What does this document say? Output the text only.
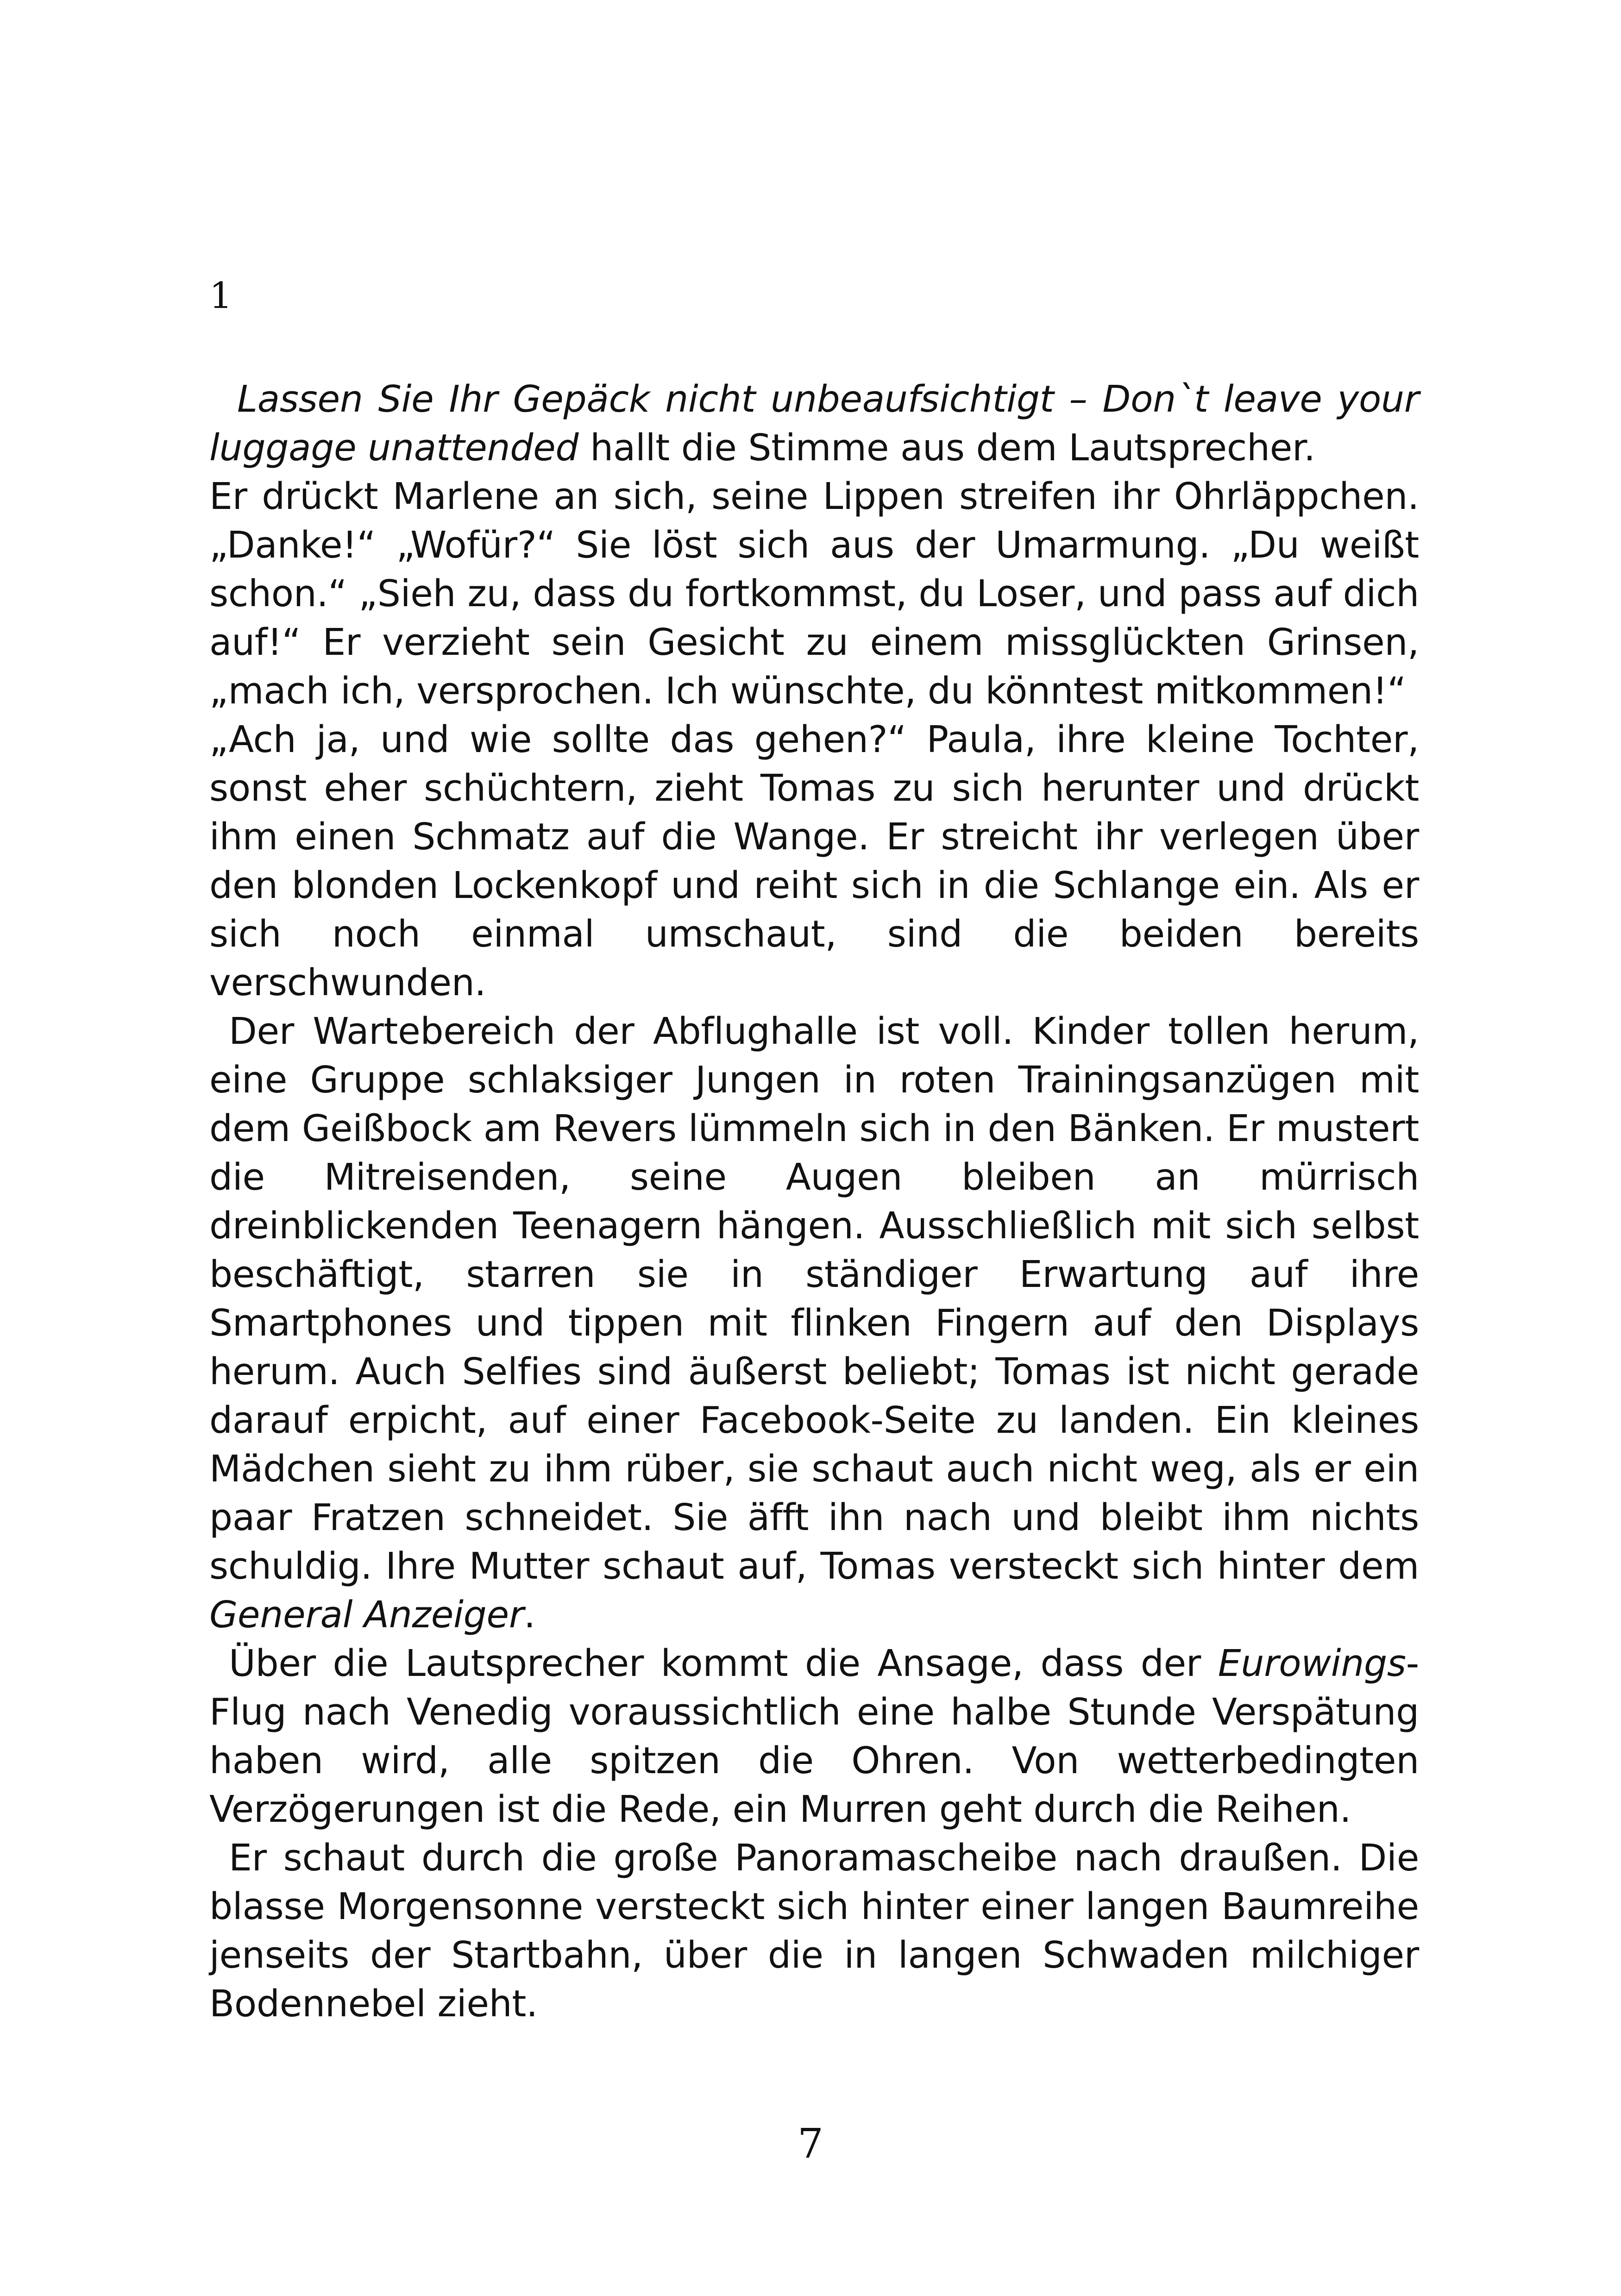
1

Lassen Sie Ihr Gepäck nicht unbeaufsichtigt – Don`t leave your luggage unattended hallt die Stimme aus dem Lautsprecher.

Er drückt Marlene an sich, seine Lippen streifen ihr Ohrläppchen. „Danke!“ „Wofür?“ Sie löst sich aus der Umarmung. „Du weißt schon.“ „Sieh zu, dass du fortkommst, du Loser, und pass auf dich auf!“ Er verzieht sein Gesicht zu einem missglückten Grinsen, „mach ich, versprochen. Ich wünschte, du könntest mitkommen!“

„Ach ja, und wie sollte das gehen?“ Paula, ihre kleine Tochter, sonst eher schüchtern, zieht Tomas zu sich herunter und drückt ihm einen Schmatz auf die Wange. Er streicht ihr verlegen über den blonden Lockenkopf und reiht sich in die Schlange ein. Als er sich noch einmal umschaut, sind die beiden bereits verschwunden.

Der Wartebereich der Abflughalle ist voll. Kinder tollen herum, eine Gruppe schlaksiger Jungen in roten Trainingsanzügen mit dem Geißbock am Revers lümmeln sich in den Bänken. Er mustert die Mitreisenden, seine Augen bleiben an mürrisch dreinblickenden Teenagern hängen. Ausschließlich mit sich selbst beschäftigt, starren sie in ständiger Erwartung auf ihre Smartphones und tippen mit flinken Fingern auf den Displays herum. Auch Selfies sind äußerst beliebt; Tomas ist nicht gerade darauf erpicht, auf einer Facebook-Seite zu landen. Ein kleines Mädchen sieht zu ihm rüber, sie schaut auch nicht weg, als er ein paar Fratzen schneidet. Sie äfft ihn nach und bleibt ihm nichts schuldig. Ihre Mutter schaut auf, Tomas versteckt sich hinter dem General Anzeiger.

Über die Lautsprecher kommt die Ansage, dass der Eurowings-Flug nach Venedig voraussichtlich eine halbe Stunde Verspätung haben wird, alle spitzen die Ohren. Von wetterbedingten Verzögerungen ist die Rede, ein Murren geht durch die Reihen.

Er schaut durch die große Panoramascheibe nach draußen. Die blasse Morgensonne versteckt sich hinter einer langen Baumreihe jenseits der Startbahn, über die in langen Schwaden milchiger Bodennebel zieht.

7
